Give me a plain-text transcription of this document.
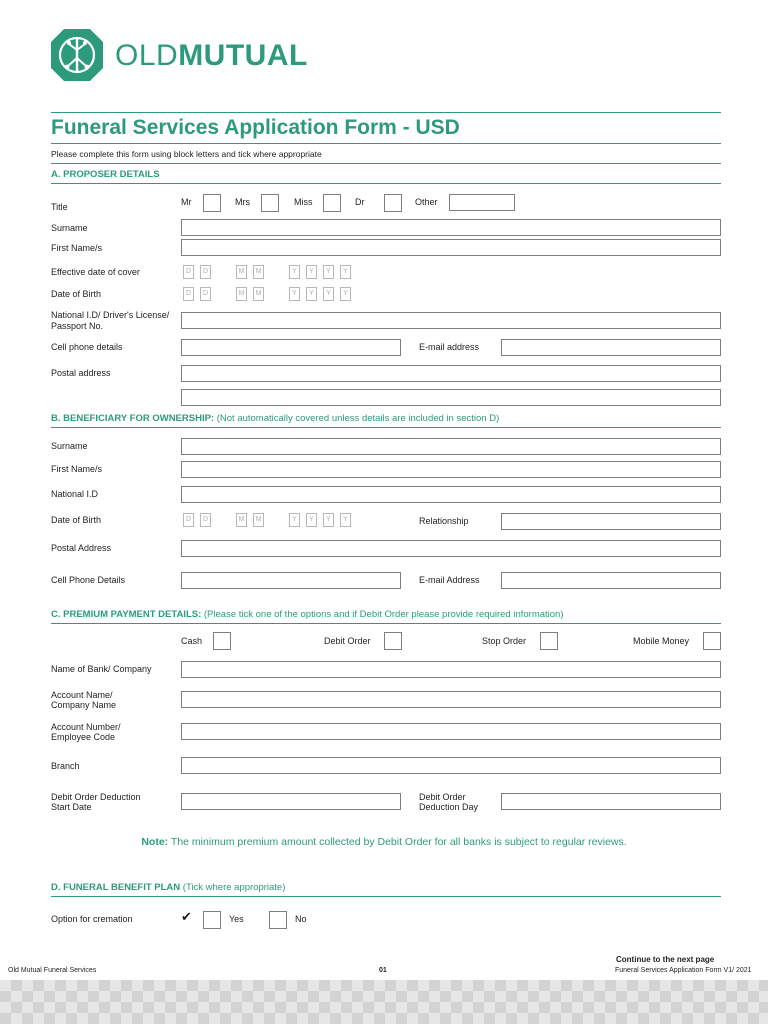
OLDMUTUAL
Funeral Services Application Form - USD
Please complete this form using block letters and tick where appropriate
A. PROPOSER DETAILS
Title	Mr	Mrs	Miss	Dr	Other
Surname
First Name/s
Effective date of cover	D	D	M	M	Y	Y	Y	Y
Date of Birth	D	D	M	M	Y	Y	Y	Y
National I.D/ Driver's License/
Passport No.
Cell phone details	E-mail address
Postal address
B. BENEFICIARY FOR OWNERSHIP: (Not automatically covered unless details are included in section D)
Surname
First Name/s
National I.D
Date of Birth	D	D	M	M	Y	Y	Y	Y	Relationship
Postal Address
Cell Phone Details	E-mail Address
C. PREMIUM PAYMENT DETAILS: (Please tick one of the options and if Debit Order please provide required information)
Cash	Debit Order	Stop Order	Mobile Money
Name of Bank/ Company
Account Name/
Company Name
Account Number/
Employee Code
Branch
Debit Order Deduction
Start Date
Debit Order
Deduction Day
Note: The minimum premium amount collected by Debit Order for all banks is subject to regular reviews.
D. FUNERAL BENEFIT PLAN (Tick where appropriate)
Option for cremation	✔	Yes	No
Continue to the next page
Old Mutual Funeral Services	01	Funeral Services Application Form V1/ 2021
